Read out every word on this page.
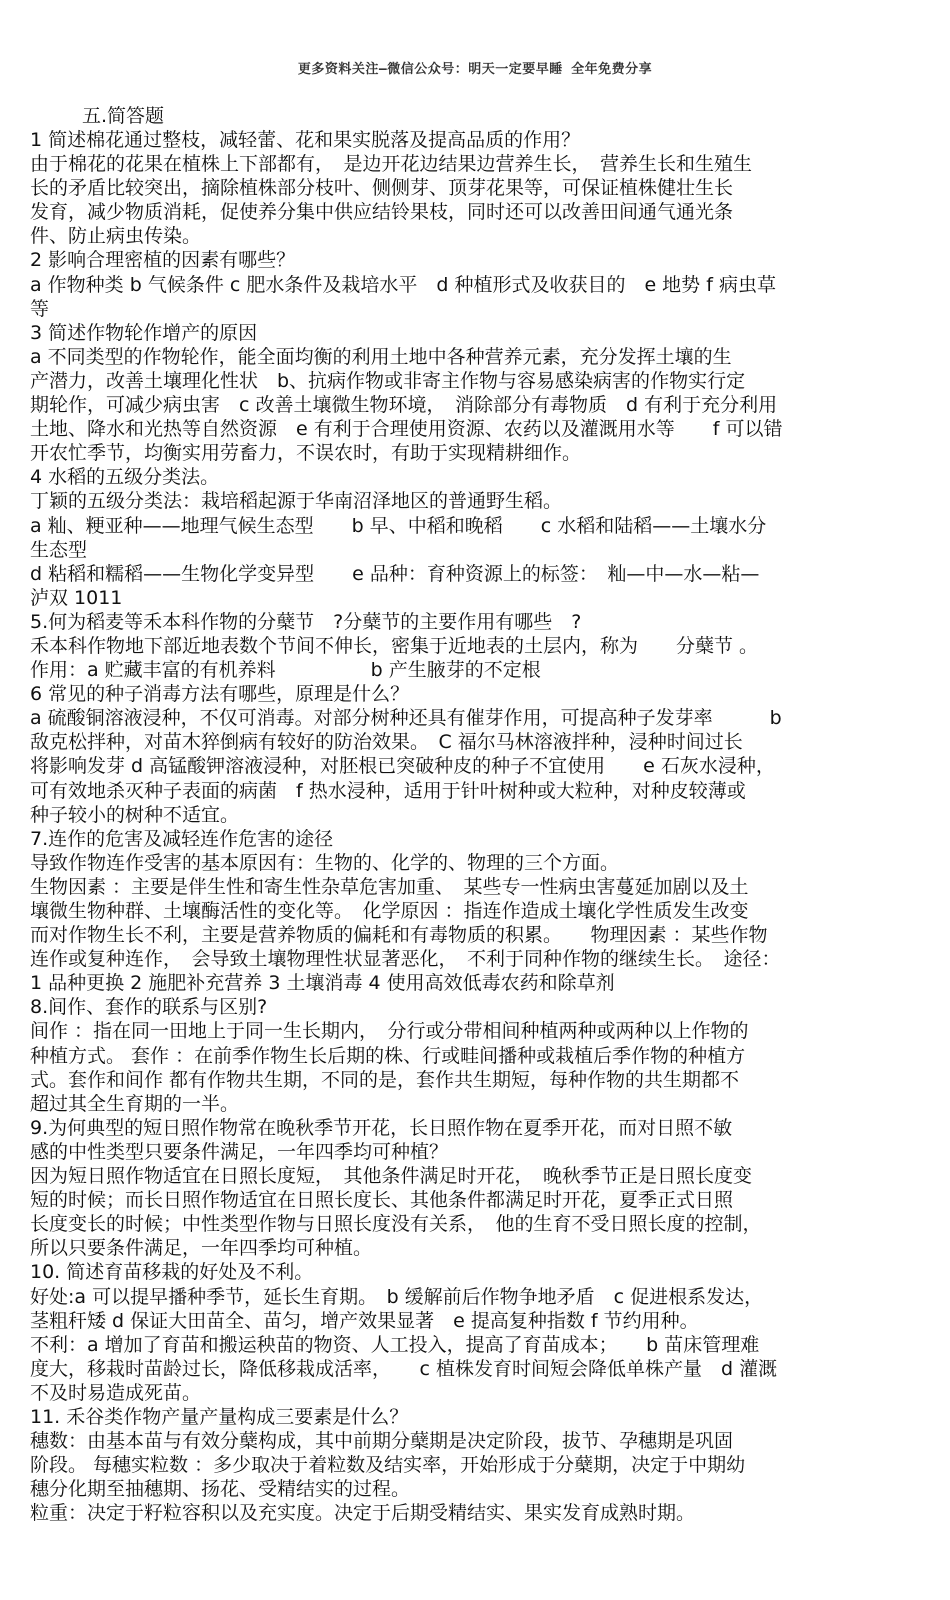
更多资料关注–微信公众号：明天一定要早睡 全年免费分享
五.简答题
1 简述棉花通过整枝，减轻蕾、花和果实脱落及提高品质的作用？
由于棉花的花果在植株上下部都有，　是边开花边结果边营养生长，　营养生长和生殖生
长的矛盾比较突出，摘除植株部分枝叶、侧侧芽、顶芽花果等，可保证植株健壮生长
发育，减少物质消耗，促使养分集中供应结铃果枝，同时还可以改善田间通气通光条
件、防止病虫传染。
2 影响合理密植的因素有哪些？
a 作物种类 b 气候条件 c 肥水条件及栽培水平　d 种植形式及收获目的　e 地势 f 病虫草
等
3 简述作物轮作增产的原因
a 不同类型的作物轮作，能全面均衡的利用土地中各种营养元素，充分发挥土壤的生
产潜力，改善土壤理化性状　b、抗病作物或非寄主作物与容易感染病害的作物实行定
期轮作，可减少病虫害　c 改善土壤微生物环境，　消除部分有毒物质　d 有利于充分利用
土地、降水和光热等自然资源　e 有利于合理使用资源、农药以及灌溉用水等　　f 可以错
开农忙季节，均衡实用劳畜力，不误农时，有助于实现精耕细作。
4 水稻的五级分类法。
丁颖的五级分类法：栽培稻起源于华南沼泽地区的普通野生稻。
a 籼、粳亚种——地理气候生态型　　b 早、中稻和晚稻　　c 水稻和陆稻——土壤水分
生态型
d 粘稻和糯稻——生物化学变异型　　e 品种：育种资源上的标签：　籼—中—水—粘—
泸双 1011
5.何为稻麦等禾本科作物的分蘖节　?分蘖节的主要作用有哪些　?
禾本科作物地下部近地表数个节间不伸长，密集于近地表的土层内，称为　　分蘖节 。
作用：a 贮藏丰富的有机养料　　　　　b 产生腋芽的不定根
6 常见的种子消毒方法有哪些，原理是什么？
a 硫酸铜溶液浸种，不仅可消毒。对部分树种还具有催芽作用，可提高种子发芽率　　　b
敌克松拌种，对苗木猝倒病有较好的防治效果。　C 福尔马林溶液拌种，浸种时间过长
将影响发芽 d 高锰酸钾溶液浸种，对胚根已突破种皮的种子不宜使用　　e 石灰水浸种，
可有效地杀灭种子表面的病菌　f 热水浸种，适用于针叶树种或大粒种，对种皮较薄或
种子较小的树种不适宜。
7.连作的危害及减轻连作危害的途径
导致作物连作受害的基本原因有：生物的、化学的、物理的三个方面。
生物因素 ：主要是伴生性和寄生性杂草危害加重、　某些专一性病虫害蔓延加剧以及土
壤微生物种群、土壤酶活性的变化等。　化学原因 ：指连作造成土壤化学性质发生改变
而对作物生长不利，主要是营养物质的偏耗和有毒物质的积累。　　物理因素 ：某些作物
连作或复种连作，　会导致土壤物理性状显著恶化，　不利于同种作物的继续生长。　途径：
1 品种更换 2 施肥补充营养 3 土壤消毒 4 使用高效低毒农药和除草剂
8.间作、套作的联系与区别?
间作 ：指在同一田地上于同一生长期内，　分行或分带相间种植两种或两种以上作物的
种植方式。 套作 ：在前季作物生长后期的株、行或畦间播种或栽植后季作物的种植方
式。套作和间作 都有作物共生期，不同的是，套作共生期短，每种作物的共生期都不
超过其全生育期的一半。
9.为何典型的短日照作物常在晚秋季节开花，长日照作物在夏季开花，而对日照不敏
感的中性类型只要条件满足，一年四季均可种植？
因为短日照作物适宜在日照长度短，　其他条件满足时开花，　晚秋季节正是日照长度变
短的时候；而长日照作物适宜在日照长度长、其他条件都满足时开花，夏季正式日照
长度变长的时候；中性类型作物与日照长度没有关系，　他的生育不受日照长度的控制，
所以只要条件满足，一年四季均可种植。
10. 简述育苗移栽的好处及不利。
好处:a 可以提早播种季节，延长生育期。　b 缓解前后作物争地矛盾　c 促进根系发达，
茎粗秆矮 d 保证大田苗全、苗匀，增产效果显著　e 提高复种指数 f 节约用种。
不利：a 增加了育苗和搬运秧苗的物资、人工投入，提高了育苗成本；　　b 苗床管理难
度大，移栽时苗龄过长，降低移栽成活率，　　c 植株发育时间短会降低单株产量　d 灌溉
不及时易造成死苗。
11. 禾谷类作物产量产量构成三要素是什么？
穗数：由基本苗与有效分蘖构成，其中前期分蘖期是决定阶段，拔节、孕穗期是巩固
阶段。 每穗实粒数 ：多少取决于着粒数及结实率，开始形成于分蘖期，决定于中期幼
穗分化期至抽穗期、扬花、受精结实的过程。
粒重：决定于籽粒容积以及充实度。决定于后期受精结实、果实发育成熟时期。
